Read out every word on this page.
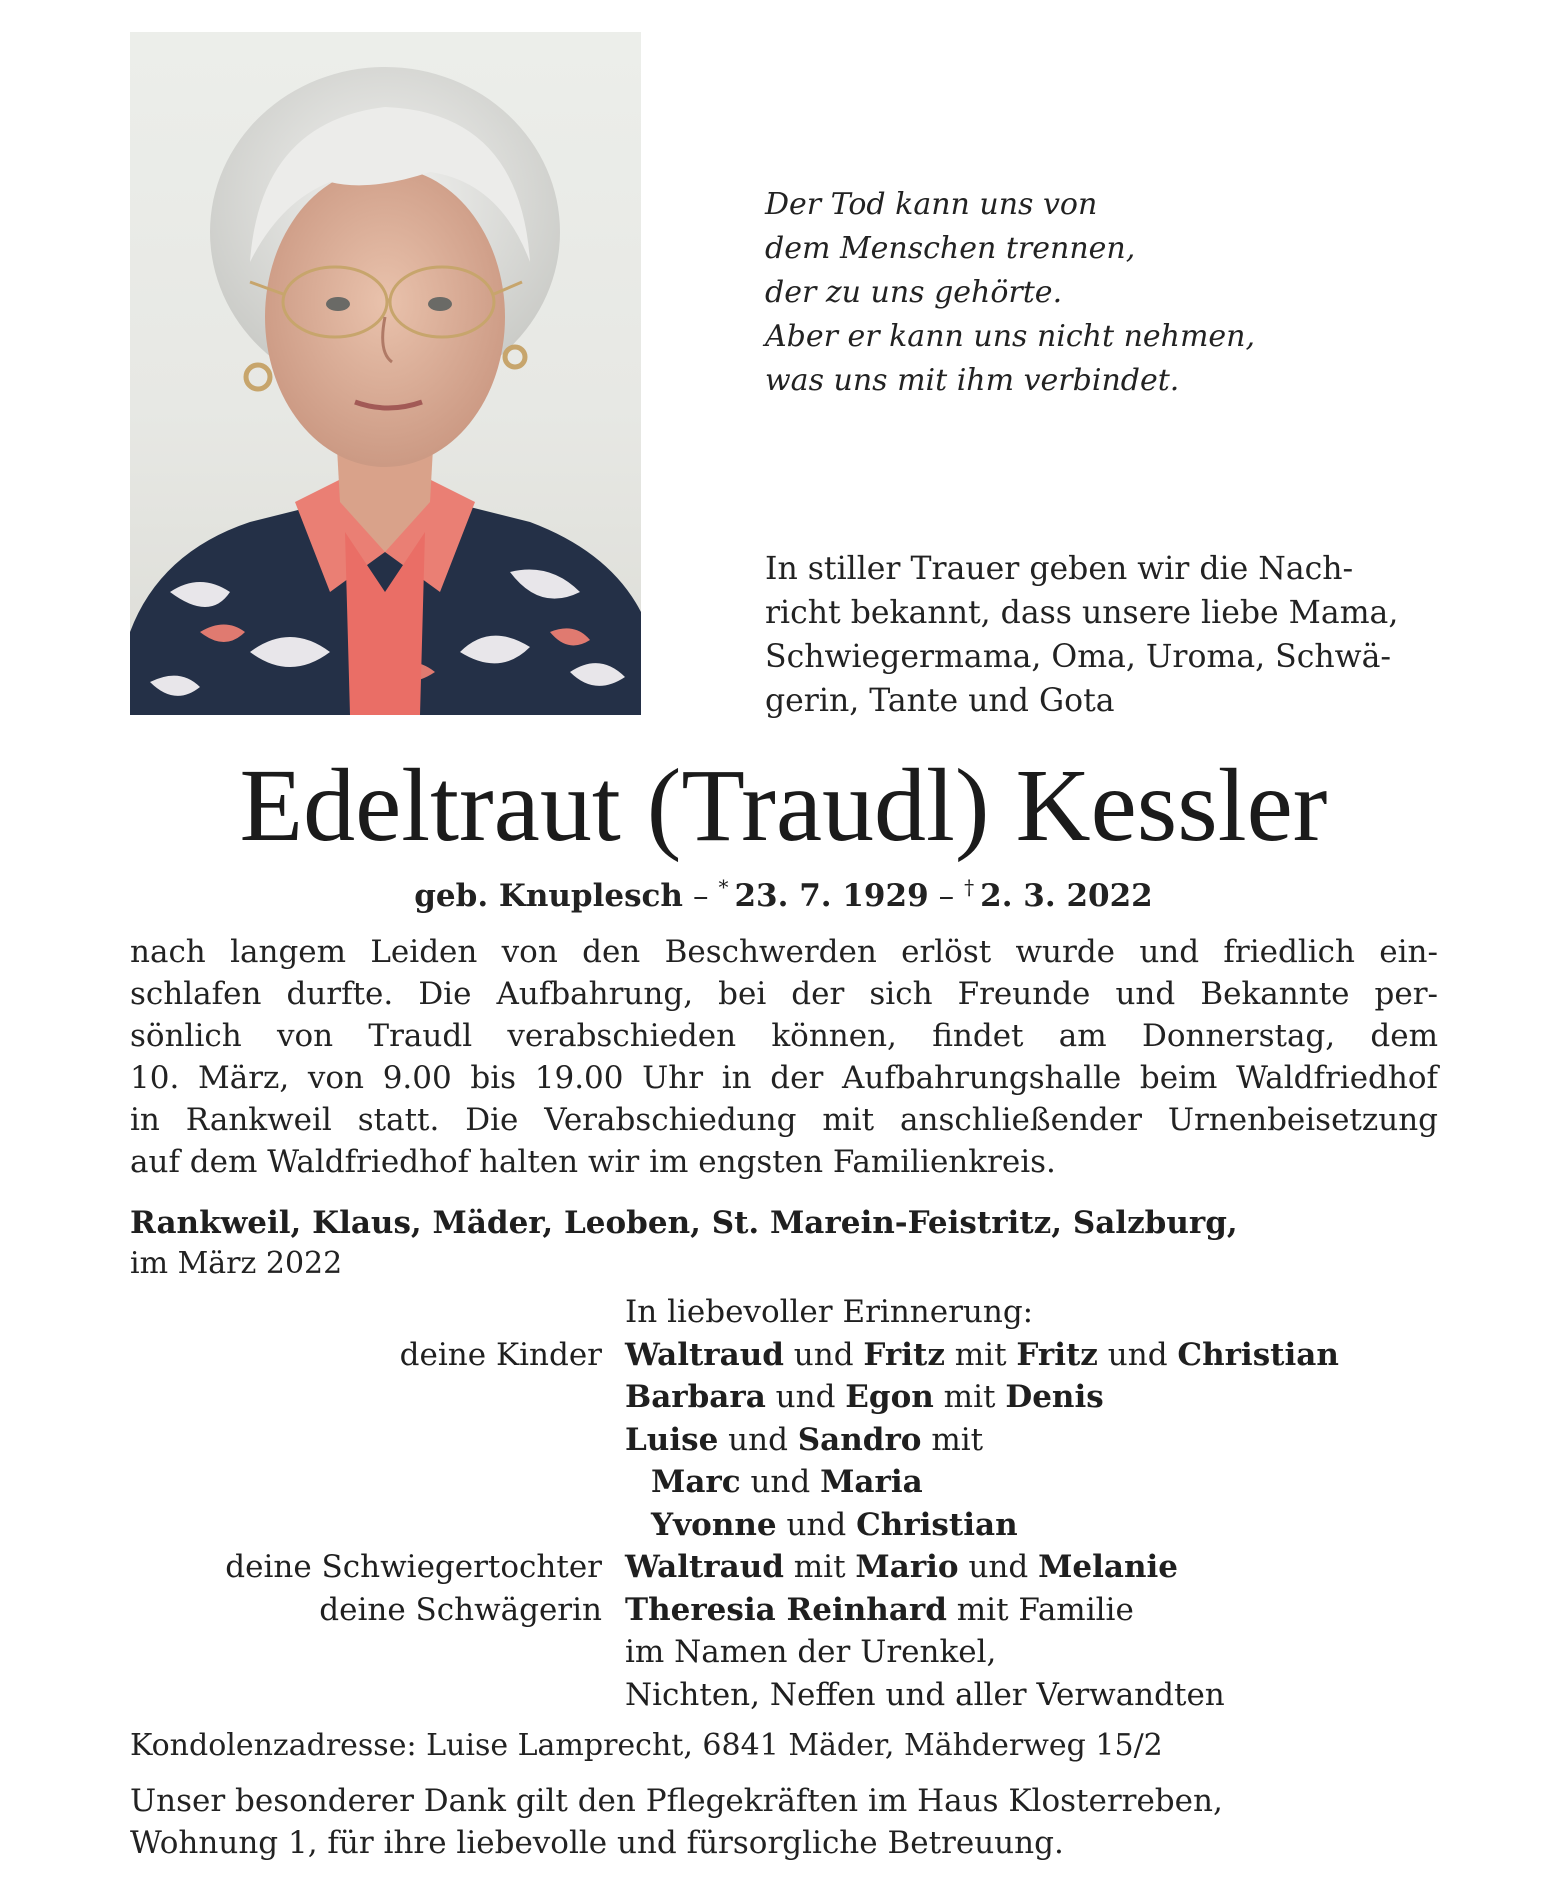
Der Tod kann uns von
dem Menschen trennen,
der zu uns gehörte.
Aber er kann uns nicht nehmen,
was uns mit ihm verbindet.
In stiller Trauer geben wir die Nach-
richt bekannt, dass unsere liebe Mama,
Schwiegermama, Oma, Uroma, Schwä-
gerin, Tante und Gota
Edeltraut (Traudl) Kessler
geb. Knuplesch – * 23. 7. 1929 – † 2. 3. 2022
nach langem Leiden von den Beschwerden erlöst wurde und friedlich ein-
schlafen durfte. Die Aufbahrung, bei der sich Freunde und Bekannte per-
sönlich von Traudl verabschieden können, findet am Donnerstag, dem
10. März, von 9.00 bis 19.00 Uhr in der Aufbahrungshalle beim Waldfriedhof
in Rankweil statt. Die Verabschiedung mit anschließender Urnenbeisetzung
auf dem Waldfriedhof halten wir im engsten Familienkreis.
Rankweil, Klaus, Mäder, Leoben, St. Marein-Feistritz, Salzburg,
im März 2022
In liebevoller Erinnerung:
deine Kinder Waltraud und Fritz mit Fritz und Christian
Barbara und Egon mit Denis
Luise und Sandro mit
Marc und Maria
Yvonne und Christian
deine Schwiegertochter Waltraud mit Mario und Melanie
deine Schwägerin Theresia Reinhard mit Familie
im Namen der Urenkel,
Nichten, Neffen und aller Verwandten
Kondolenzadresse: Luise Lamprecht, 6841 Mäder, Mähderweg 15/2
Unser besonderer Dank gilt den Pflegekräften im Haus Klosterreben,
Wohnung 1, für ihre liebevolle und fürsorgliche Betreuung.
